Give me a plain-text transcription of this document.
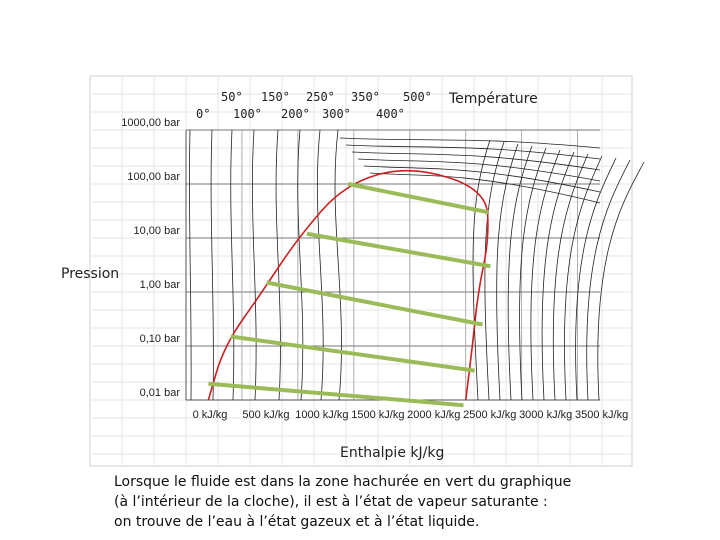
1000,00 bar
100,00 bar
10,00 bar
1,00 bar
0,10 bar
0,01 bar
0 kJ/kg 500 kJ/kg 1000 kJ/kg 1500 kJ/kg 2000 kJ/kg 2500 kJ/kg 3000 kJ/kg 3500 kJ/kg
0°
50°
100°
150°
200°
250°
300°
350°
400°
500° Température
Pression
Enthalpie kJ/kg
Lorsque le fluide est dans la zone hachurée en vert du graphique
(à l’intérieur de la cloche), il est à l’état de vapeur saturante :
on trouve de l’eau à l’état gazeux et à l’état liquide.
